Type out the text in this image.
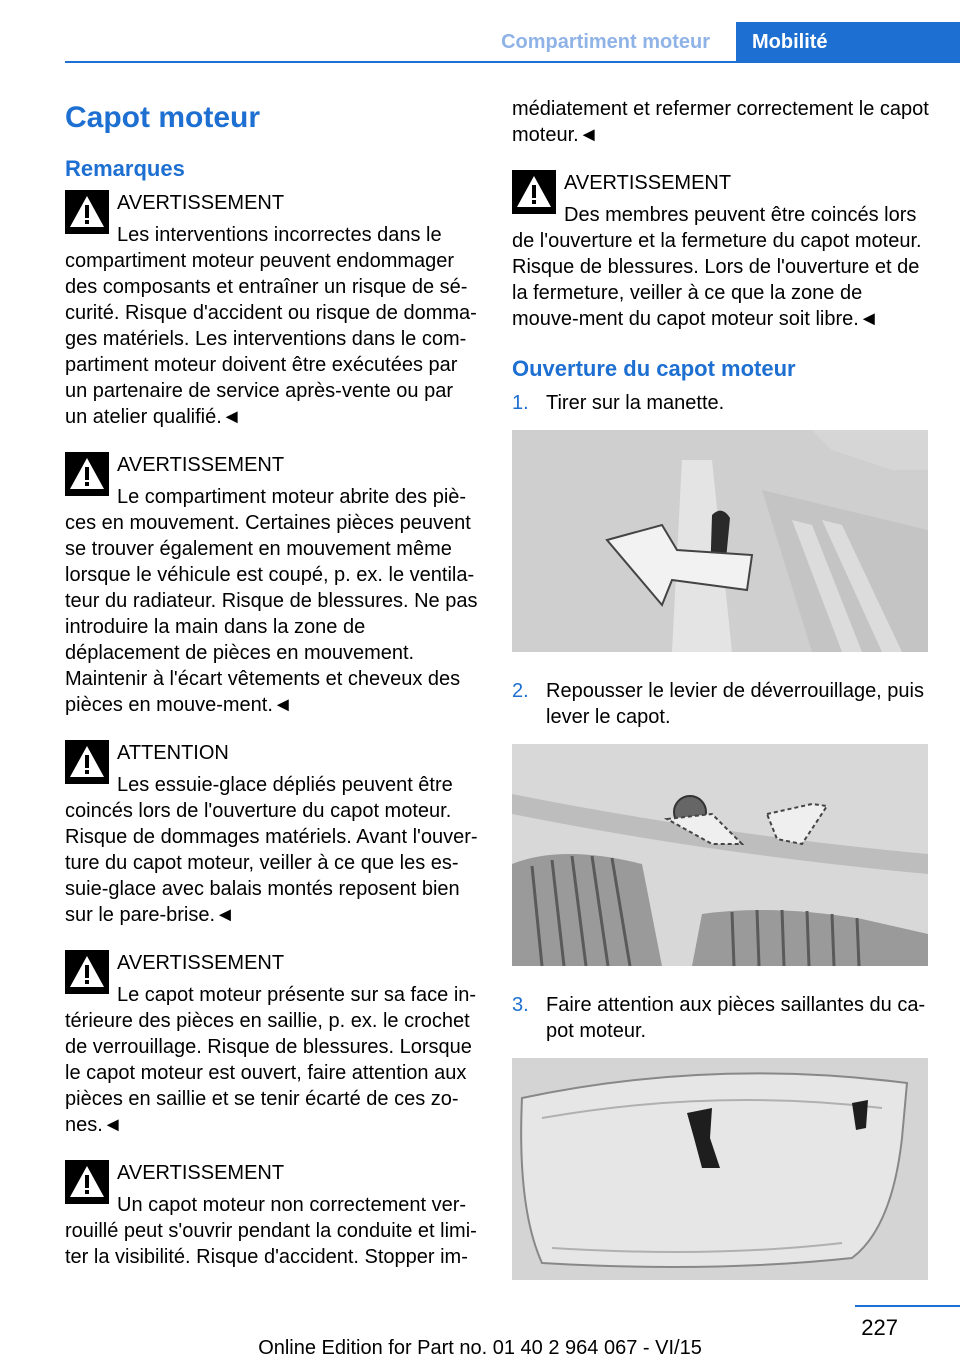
Compartiment moteur	Mobilité
Capot moteur
Remarques
AVERTISSEMENT
Les interventions incorrectes dans le

compartiment moteur peuvent endommager des composants et entraîner un risque de sé-curité. Risque d'accident ou risque de domma-ges matériels. Les interventions dans le com-partiment moteur doivent être exécutées par un partenaire de service après-vente ou par un atelier qualifié.◄

AVERTISSEMENT
Le compartiment moteur abrite des piè-

ces en mouvement. Certaines pièces peuvent se trouver également en mouvement même lorsque le véhicule est coupé, p. ex. le ventila-teur du radiateur. Risque de blessures. Ne pas introduire la main dans la zone de déplacement de pièces en mouvement. Maintenir à l'écart vêtements et cheveux des pièces en mouve-ment.◄

ATTENTION
Les essuie-glace dépliés peuvent être

coincés lors de l'ouverture du capot moteur. Risque de dommages matériels. Avant l'ouver-ture du capot moteur, veiller à ce que les es-suie-glace avec balais montés reposent bien sur le pare-brise.◄

AVERTISSEMENT
Le capot moteur présente sur sa face in-

térieure des pièces en saillie, p. ex. le crochet de verrouillage. Risque de blessures. Lorsque le capot moteur est ouvert, faire attention aux pièces en saillie et se tenir écarté de ces zo-nes.◄

AVERTISSEMENT
Un capot moteur non correctement ver-

rouillé peut s'ouvrir pendant la conduite et limi-ter la visibilité. Risque d'accident. Stopper im-

médiatement et refermer correctement le capot moteur.◄

AVERTISSEMENT
Des membres peuvent être coincés lors

de l'ouverture et la fermeture du capot moteur. Risque de blessures. Lors de l'ouverture et de la fermeture, veiller à ce que la zone de mouve-ment du capot moteur soit libre.◄

Ouverture du capot moteur
1. Tirer sur la manette.
2. Repousser le levier de déverrouillage, puis lever le capot.
3. Faire attention aux pièces saillantes du ca-pot moteur.
227
Online Edition for Part no. 01 40 2 964 067 - VI/15
